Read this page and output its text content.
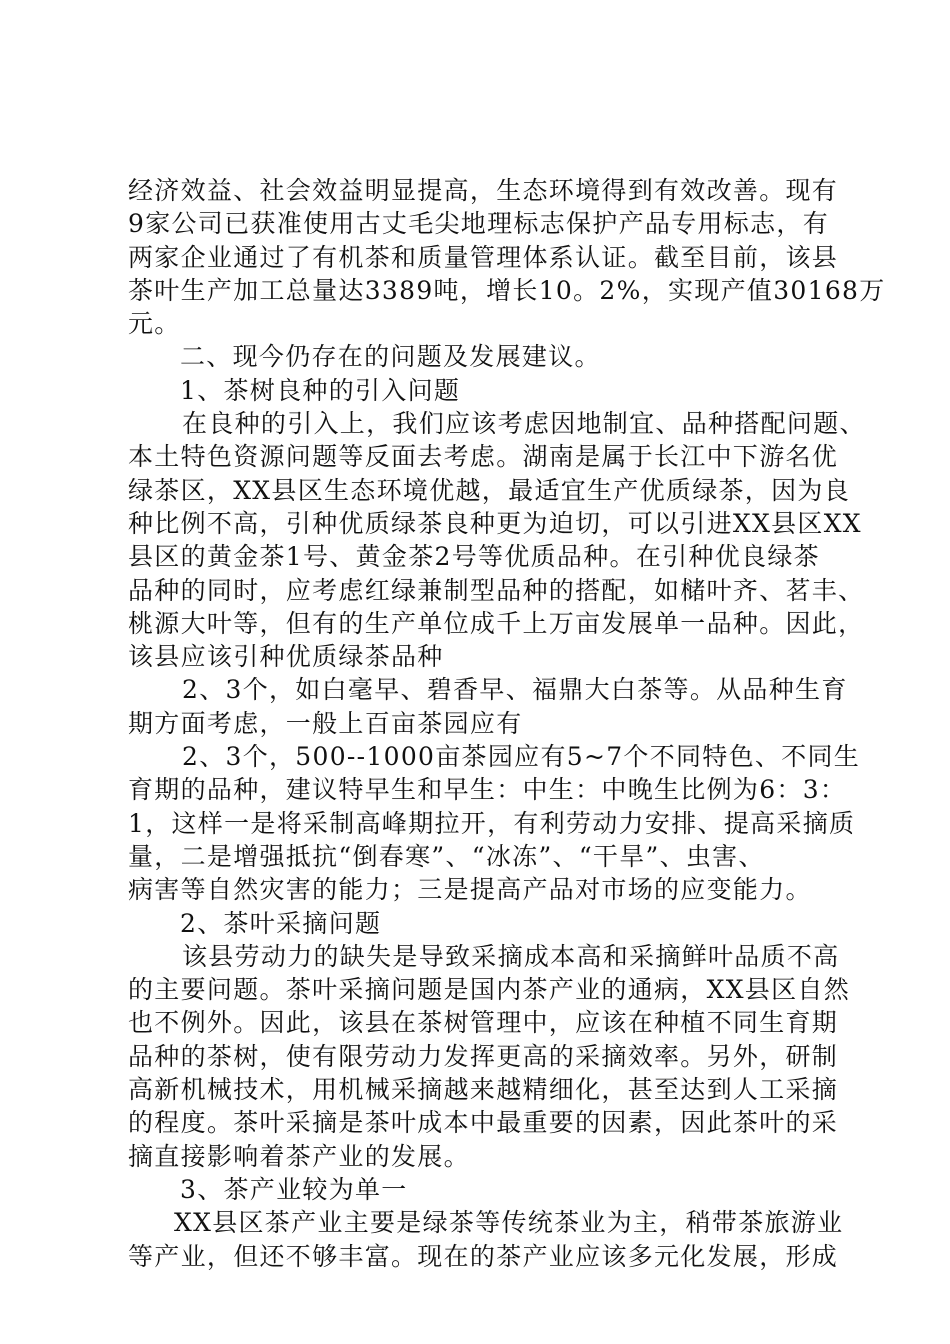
经济效益、社会效益明显提高，生态环境得到有效改善。现有
9家公司已获准使用古丈毛尖地理标志保护产品专用标志，有
两家企业通过了有机茶和质量管理体系认证。截至目前，该县
茶叶生产加工总量达3389吨，增长10。2%，实现产值30168万
元。
二、现今仍存在的问题及发展建议。
1、茶树良种的引入问题
在良种的引入上，我们应该考虑因地制宜、品种搭配问题、
本土特色资源问题等反面去考虑。湖南是属于长江中下游名优
绿茶区，XX县区生态环境优越，最适宜生产优质绿茶，因为良
种比例不高，引种优质绿茶良种更为迫切，可以引进XX县区XX
县区的黄金茶1号、黄金茶2号等优质品种。在引种优良绿茶
品种的同时，应考虑红绿兼制型品种的搭配，如槠叶齐、茗丰、
桃源大叶等，但有的生产单位成千上万亩发展单一品种。因此，
该县应该引种优质绿茶品种
2、3个，如白毫早、碧香早、福鼎大白茶等。从品种生育
期方面考虑，一般上百亩茶园应有
2、3个，500--1000亩茶园应有5~7个不同特色、不同生
育期的品种，建议特早生和早生：中生：中晚生比例为6：3：
1，这样一是将采制高峰期拉开，有利劳动力安排、提高采摘质
量，二是增强抵抗“倒春寒”、“冰冻”、“干旱”、虫害、
病害等自然灾害的能力；三是提高产品对市场的应变能力。
2、茶叶采摘问题
该县劳动力的缺失是导致采摘成本高和采摘鲜叶品质不高
的主要问题。茶叶采摘问题是国内茶产业的通病，XX县区自然
也不例外。因此，该县在茶树管理中，应该在种植不同生育期
品种的茶树，使有限劳动力发挥更高的采摘效率。另外，研制
高新机械技术，用机械采摘越来越精细化，甚至达到人工采摘
的程度。茶叶采摘是茶叶成本中最重要的因素，因此茶叶的采
摘直接影响着茶产业的发展。
3、茶产业较为单一
XX县区茶产业主要是绿茶等传统茶业为主，稍带茶旅游业
等产业，但还不够丰富。现在的茶产业应该多元化发展，形成
